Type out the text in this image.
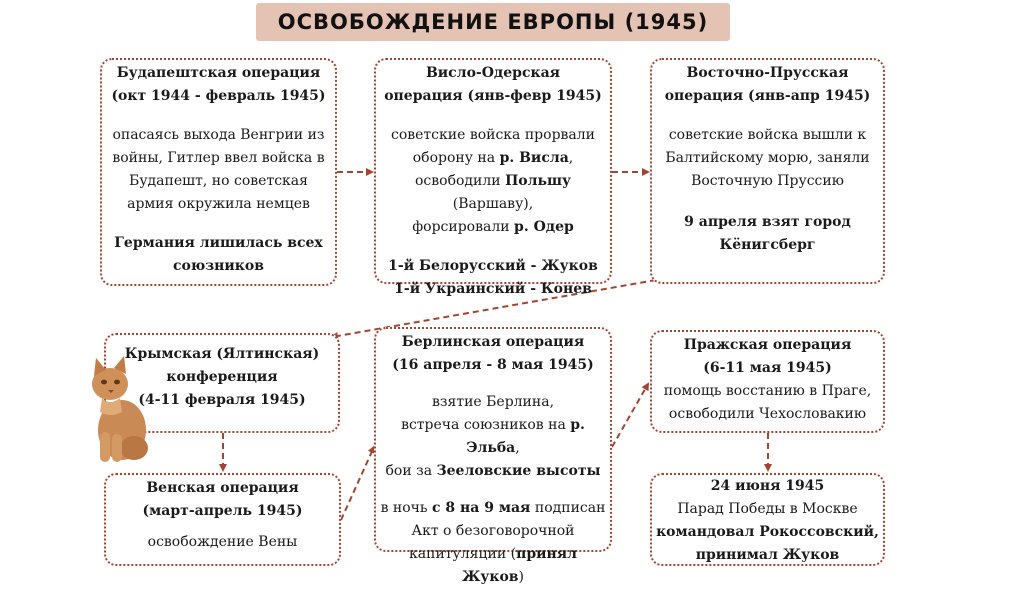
ОСВОБОЖДЕНИЕ ЕВРОПЫ (1945)

Будапештская операция

(окт 1944 - февраль 1945)

опасаясь выхода Венгрии из

войны, Гитлер ввел войска в

Будапешт, но советская

армия окружила немцев

Германия лишилась всех

союзников

Висло-Одерская

операция (янв-февр 1945)

советские войска прорвали

оборону на р. Висла,

освободили Польшу (Варшаву),

форсировали р. Одер

1-й Белорусский - Жуков

1-й Украинский - Конев

Восточно-Прусская

операция (янв-апр 1945)

советские войска вышли к

Балтийскому морю, заняли

Восточную Пруссию

9 апреля взят город

Кёнигсберг

Крымская (Ялтинская)

конференция

(4-11 февраля 1945)

Берлинская операция

(16 апреля - 8 мая 1945)

взятие Берлина,

встреча союзников на р. Эльба,

бои за Зееловские высоты

в ночь с 8 на 9 мая подписан

Акт о безоговорочной

капитуляции (принял Жуков)

Пражская операция

(6-11 мая 1945)

помощь восстанию в Праге,

освободили Чехословакию

Венская операция

(март-апрель 1945)

освобождение Вены

24 июня 1945

Парад Победы в Москве

командовал Рокоссовский,

принимал Жуков
